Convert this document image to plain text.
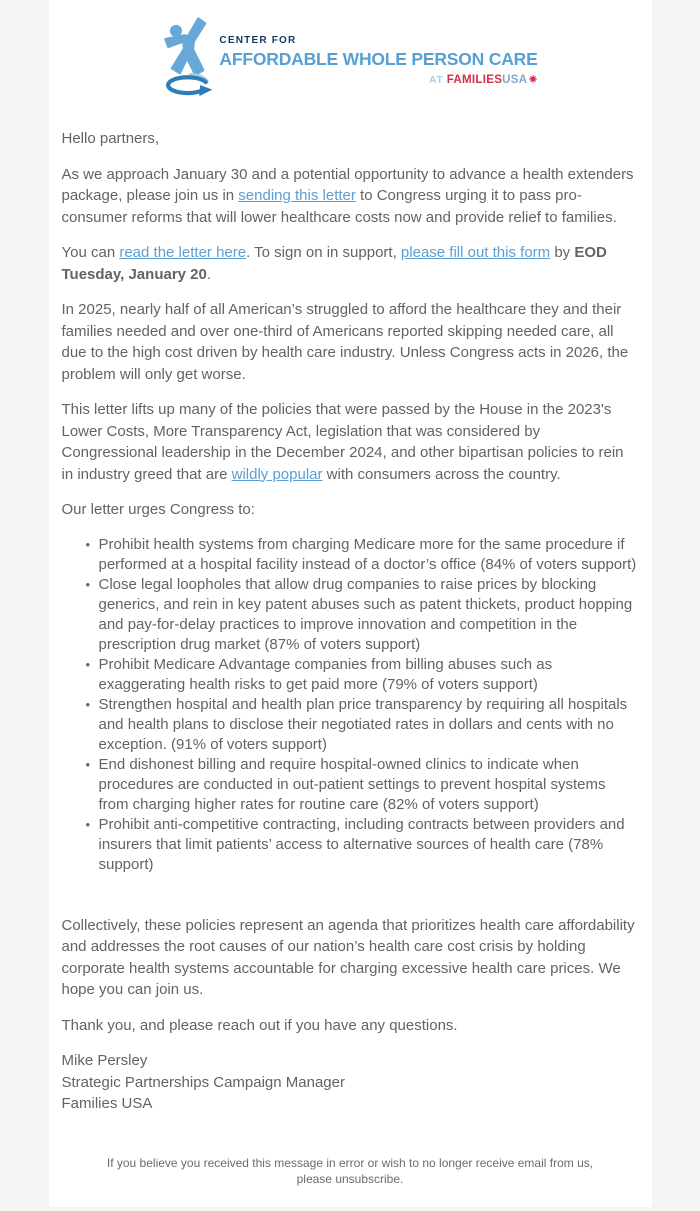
CENTER FOR
AFFORDABLE WHOLE PERSON CARE
AT FAMILIESUSA✷

Hello partners,

As we approach January 30 and a potential opportunity to advance a health extenders package, please join us in sending this letter to Congress urging it to pass pro-consumer reforms that will lower healthcare costs now and provide relief to families.

You can read the letter here. To sign on in support, please fill out this form by EOD Tuesday, January 20.

In 2025, nearly half of all American’s struggled to afford the healthcare they and their families needed and over one-third of Americans reported skipping needed care, all due to the high cost driven by health care industry. Unless Congress acts in 2026, the problem will only get worse.

This letter lifts up many of the policies that were passed by the House in the 2023's Lower Costs, More Transparency Act, legislation that was considered by Congressional leadership in the December 2024, and other bipartisan policies to rein in industry greed that are wildly popular with consumers across the country.

Our letter urges Congress to:

• Prohibit health systems from charging Medicare more for the same procedure if performed at a hospital facility instead of a doctor’s office (84% of voters support)
• Close legal loopholes that allow drug companies to raise prices by blocking generics, and rein in key patent abuses such as patent thickets, product hopping and pay-for-delay practices to improve innovation and competition in the prescription drug market (87% of voters support)
• Prohibit Medicare Advantage companies from billing abuses such as exaggerating health risks to get paid more (79% of voters support)
• Strengthen hospital and health plan price transparency by requiring all hospitals and health plans to disclose their negotiated rates in dollars and cents with no exception. (91% of voters support)
• End dishonest billing and require hospital-owned clinics to indicate when procedures are conducted in out-patient settings to prevent hospital systems from charging higher rates for routine care (82% of voters support)
• Prohibit anti-competitive contracting, including contracts between providers and insurers that limit patients’ access to alternative sources of health care (78% support)

Collectively, these policies represent an agenda that prioritizes health care affordability and addresses the root causes of our nation’s health care cost crisis by holding corporate health systems accountable for charging excessive health care prices. We hope you can join us.

Thank you, and please reach out if you have any questions.

Mike Persley
Strategic Partnerships Campaign Manager
Families USA
If you believe you received this message in error or wish to no longer receive email from us, please unsubscribe.
